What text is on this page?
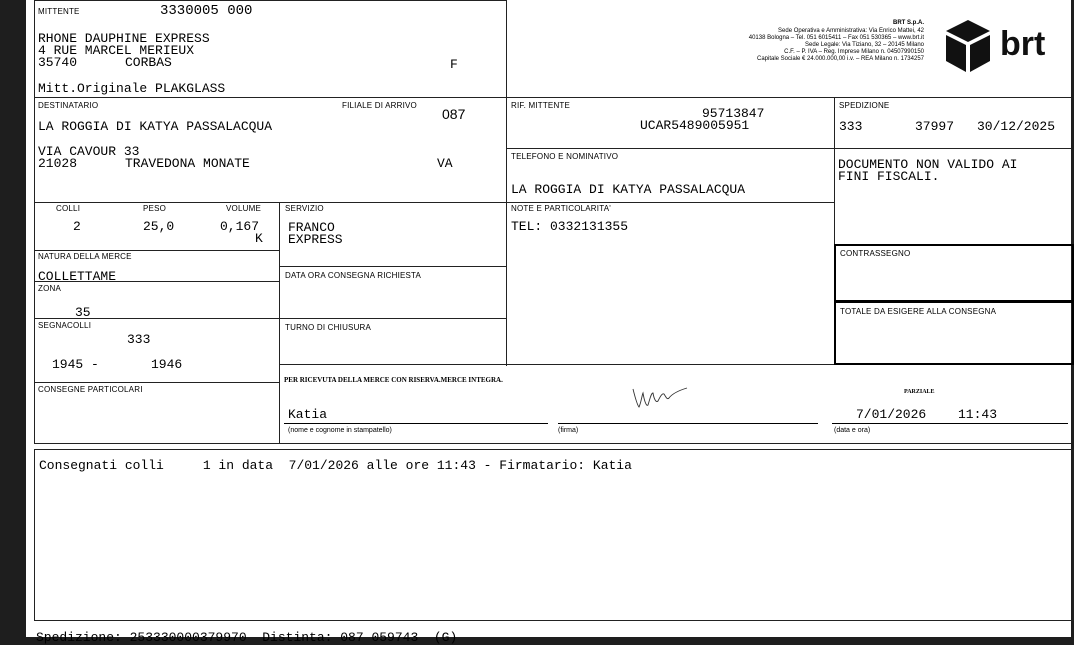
MITTENTE	3330005 000
RHONE DAUPHINE EXPRESS
4 RUE MARCEL MERIEUX
35740	CORBAS	F
Mitt.Originale PLAKGLASS
BRT S.p.A.
Sede Operativa e Amministrativa: Via Enrico Mattei, 42
40138 Bologna – Tel. 051 6015411 – Fax 051 530365 – www.brt.it
Sede Legale: Via Tiziano, 32 – 20145 Milano
C.F. – P. IVA – Reg. Imprese Milano n. 04507990150
Capitale Sociale € 24.000.000,00 i.v. – REA Milano n. 1734257 brt
DESTINATARIO	FILIALE DI ARRIVO
087
LA ROGGIA DI KATYA PASSALACQUA
VIA CAVOUR 33
21028	TRAVEDONA MONATE	VA
RIF. MITTENTE
95713847
UCAR5489005951
TELEFONO E NOMINATIVO
LA ROGGIA DI KATYA PASSALACQUA
NOTE E PARTICOLARITA'
TEL: 0332131355
SPEDIZIONE
333	37997 30/12/2025
DOCUMENTO NON VALIDO AI
FINI FISCALI.
CONTRASSEGNO
TOTALE DA ESIGERE ALLA CONSEGNA
COLLI	PESO	VOLUME
2	25,0	0,167
K
SERVIZIO
FRANCO
EXPRESS
NATURA DELLA MERCE
COLLETTAME	DATA ORA CONSEGNA RICHIESTA
ZONA
35
SEGNACOLLI	TURNO DI CHIUSURA
333
1945 -	1946
CONSEGNE PARTICOLARI
PER RICEVUTA DELLA MERCE CON RISERVA.MERCE INTEGRA.
PARZIALE
Katia
(nome e cognome in stampatello)	(firma)
7/01/2026 11:43
(data e ora)
Consegnati colli     1 in data  7/01/2026 alle ore 11:43 - Firmatario: Katia
Spedizione: 253330000379970  Distinta: 087 059743  (G)
